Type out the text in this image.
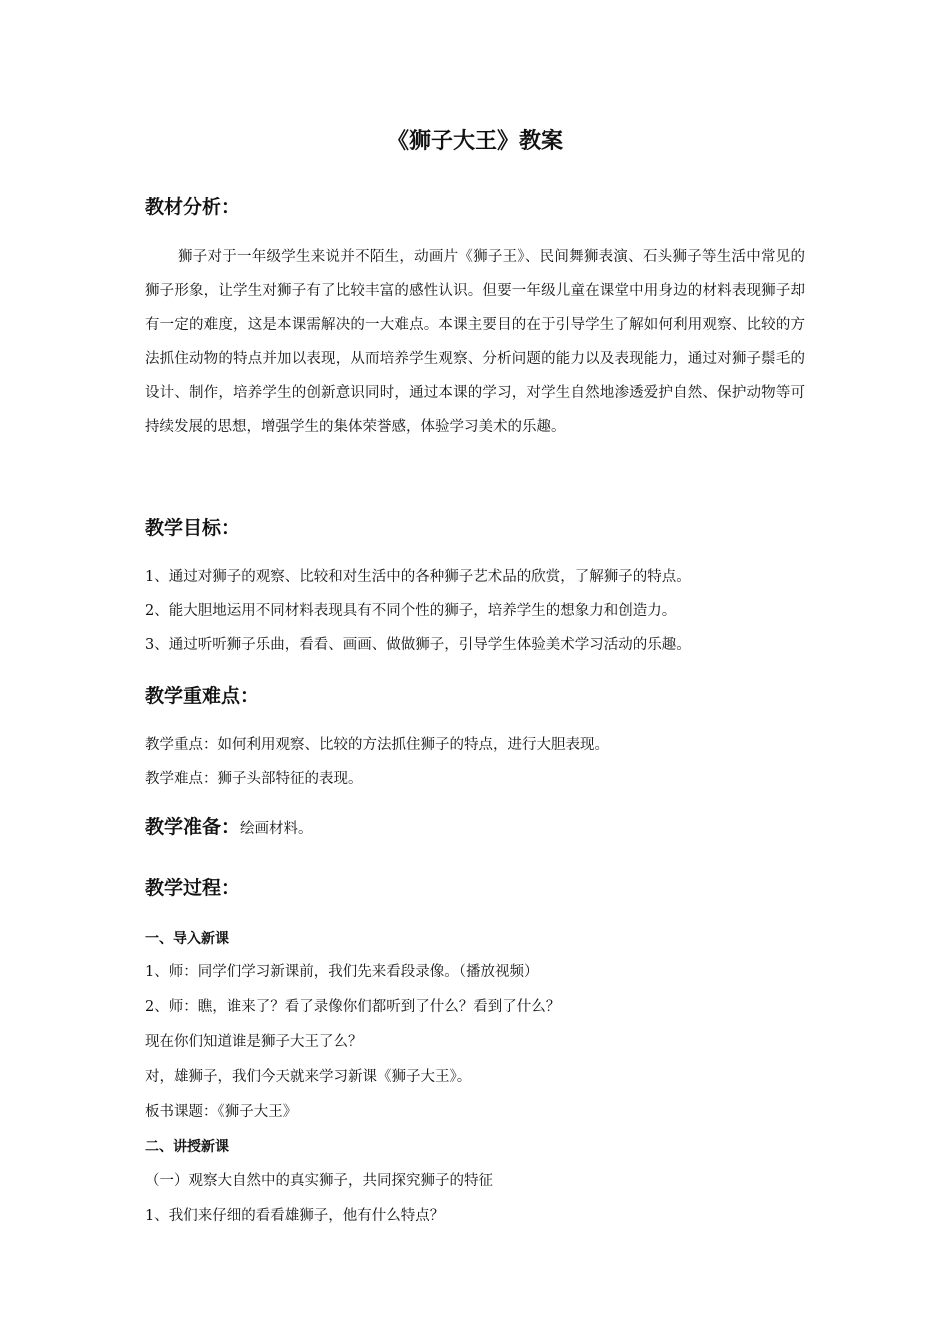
《狮子大王》教案
教材分析：

狮子对于一年级学生来说并不陌生，动画片《狮子王》、民间舞狮表演、石头狮子等生活中常见的狮子形象，让学生对狮子有了比较丰富的感性认识。但要一年级儿童在课堂中用身边的材料表现狮子却有一定的难度，这是本课需解决的一大难点。本课主要目的在于引导学生了解如何利用观察、比较的方法抓住动物的特点并加以表现，从而培养学生观察、分析问题的能力以及表现能力，通过对狮子鬃毛的设计、制作，培养学生的创新意识同时，通过本课的学习，对学生自然地渗透爱护自然、保护动物等可持续发展的思想，增强学生的集体荣誉感，体验学习美术的乐趣。

教学目标：

1、通过对狮子的观察、比较和对生活中的各种狮子艺术品的欣赏，了解狮子的特点。

2、能大胆地运用不同材料表现具有不同个性的狮子，培养学生的想象力和创造力。

3、通过听听狮子乐曲，看看、画画、做做狮子，引导学生体验美术学习活动的乐趣。

教学重难点：

教学重点：如何利用观察、比较的方法抓住狮子的特点，进行大胆表现。

教学难点：狮子头部特征的表现。

教学准备：绘画材料。
教学过程：

一、导入新课

1、师：同学们学习新课前，我们先来看段录像。（播放视频）

2、师：瞧，谁来了？看了录像你们都听到了什么？看到了什么？

现在你们知道谁是狮子大王了么？

对，雄狮子，我们今天就来学习新课《狮子大王》。

板书课题：《狮子大王》

二、讲授新课

（一）观察大自然中的真实狮子，共同探究狮子的特征

1、我们来仔细的看看雄狮子，他有什么特点？
